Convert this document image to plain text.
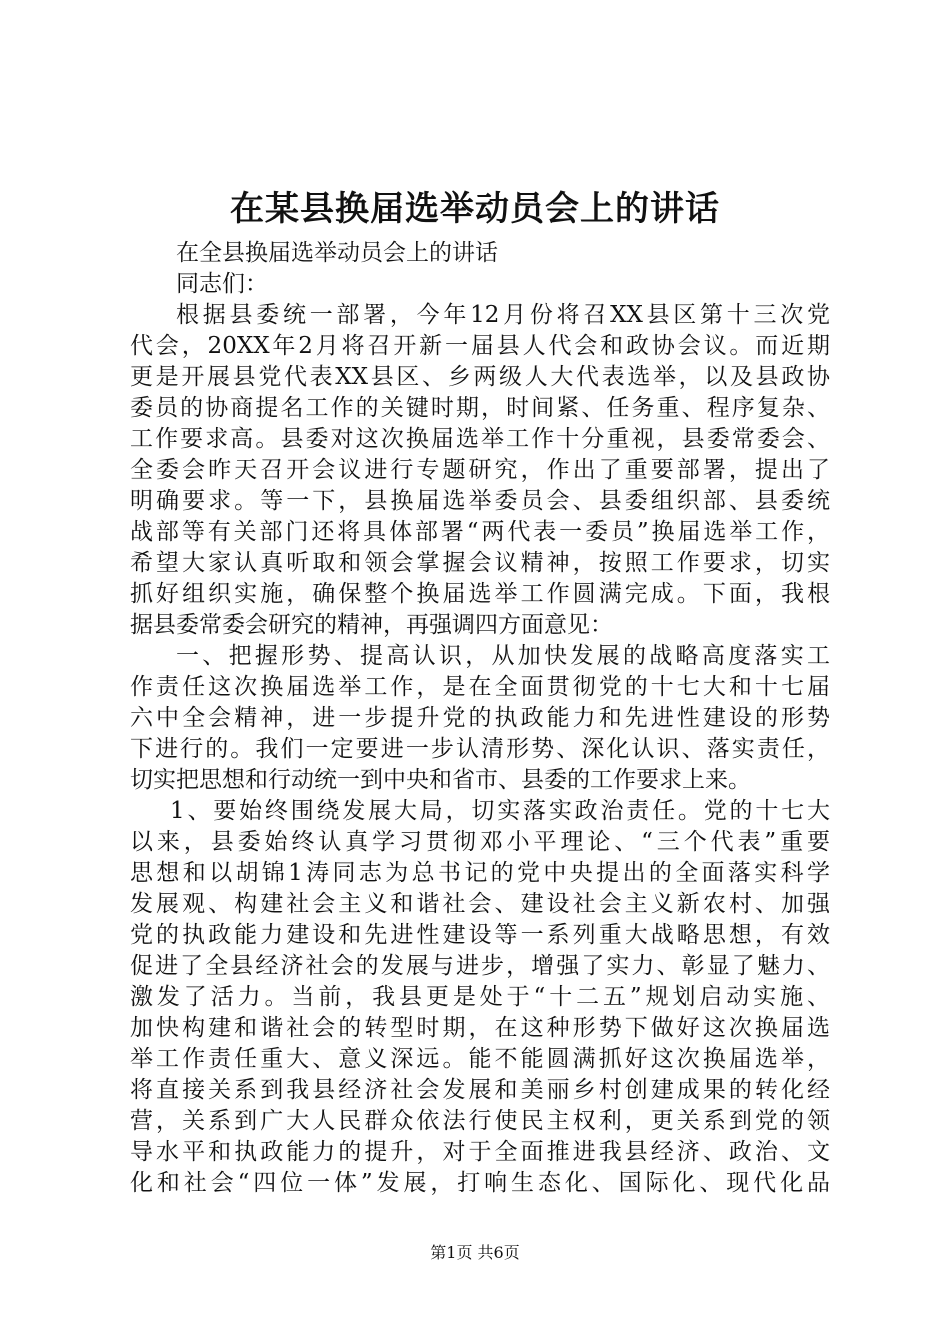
在某县换届选举动员会上的讲话
在全县换届选举动员会上的讲话
同志们：
根据县委统一部署，今年12月份将召XX县区第十三次党
代会，20XX年2月将召开新一届县人代会和政协会议。而近期
更是开展县党代表XX县区、乡两级人大代表选举，以及县政协
委员的协商提名工作的关键时期，时间紧、任务重、程序复杂、
工作要求高。县委对这次换届选举工作十分重视，县委常委会、
全委会昨天召开会议进行专题研究，作出了重要部署，提出了
明确要求。等一下，县换届选举委员会、县委组织部、县委统
战部等有关部门还将具体部署“两代表一委员”换届选举工作，
希望大家认真听取和领会掌握会议精神，按照工作要求，切实
抓好组织实施，确保整个换届选举工作圆满完成。下面，我根
据县委常委会研究的精神，再强调四方面意见：
一、把握形势、提高认识，从加快发展的战略高度落实工
作责任这次换届选举工作，是在全面贯彻党的十七大和十七届
六中全会精神，进一步提升党的执政能力和先进性建设的形势
下进行的。我们一定要进一步认清形势、深化认识、落实责任，
切实把思想和行动统一到中央和省市、县委的工作要求上来。
1、要始终围绕发展大局，切实落实政治责任。党的十七大
以来，县委始终认真学习贯彻邓小平理论、“三个代表”重要
思想和以胡锦1涛同志为总书记的党中央提出的全面落实科学
发展观、构建社会主义和谐社会、建设社会主义新农村、加强
党的执政能力建设和先进性建设等一系列重大战略思想，有效
促进了全县经济社会的发展与进步，增强了实力、彰显了魅力、
激发了活力。当前，我县更是处于“十二五”规划启动实施、
加快构建和谐社会的转型时期，在这种形势下做好这次换届选
举工作责任重大、意义深远。能不能圆满抓好这次换届选举，
将直接关系到我县经济社会发展和美丽乡村创建成果的转化经
营，关系到广大人民群众依法行使民主权利，更关系到党的领
导水平和执政能力的提升，对于全面推进我县经济、政治、文
化和社会“四位一体”发展，打响生态化、国际化、现代化品
第1页 共6页
